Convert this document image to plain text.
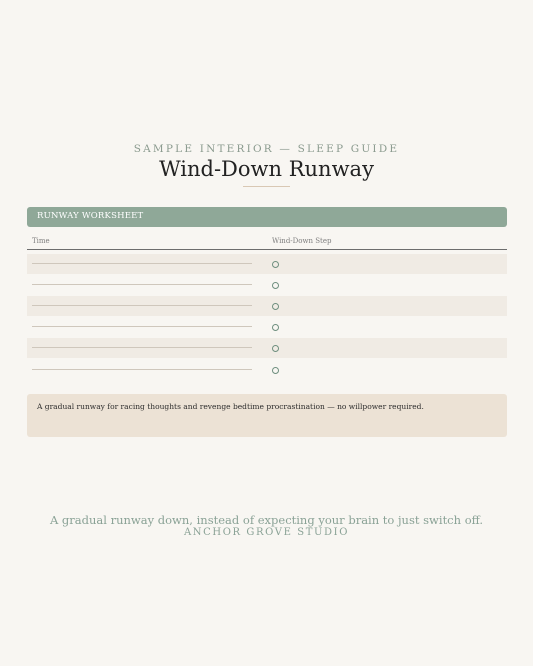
SAMPLE INTERIOR — SLEEP GUIDE
Wind-Down Runway
RUNWAY WORKSHEET
Time	Wind-Down Step
A gradual runway for racing thoughts and revenge bedtime procrastination — no willpower required.
A gradual runway down, instead of expecting your brain to just switch off.
ANCHOR GROVE STUDIO
